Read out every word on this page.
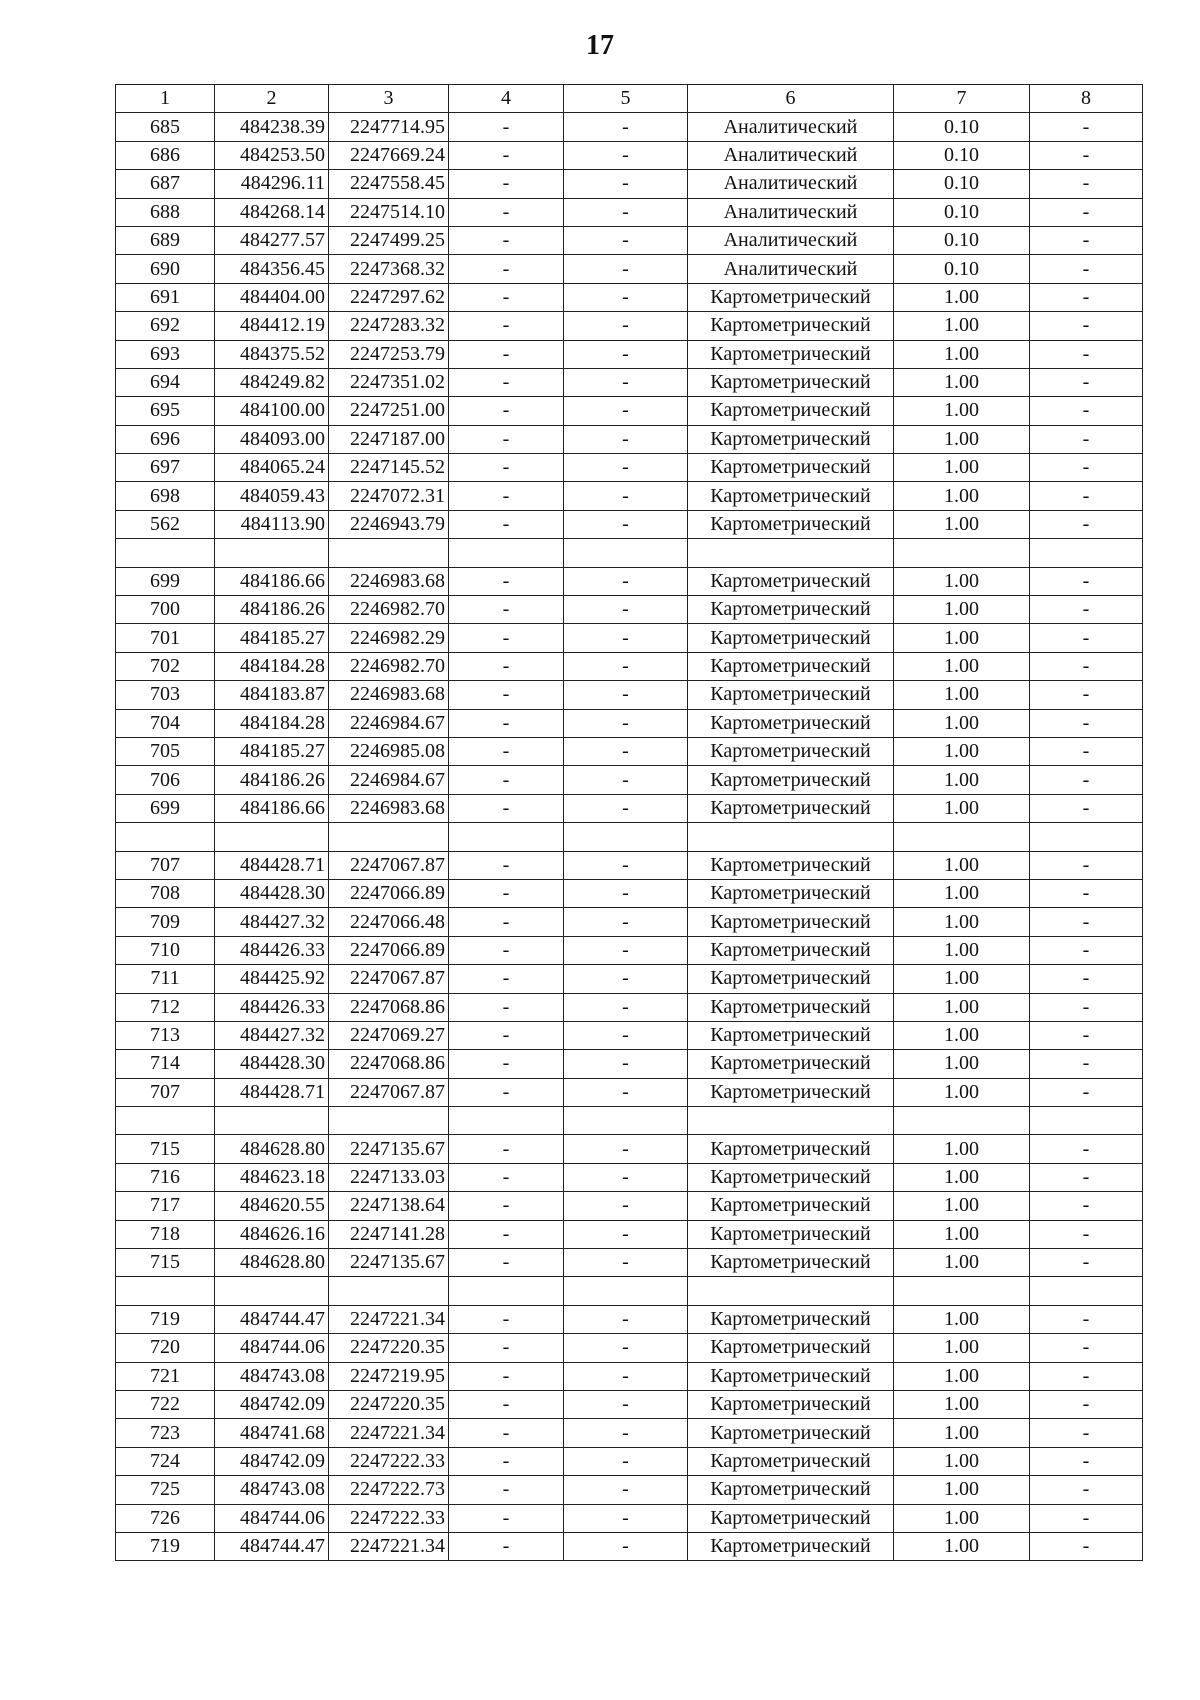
17
1	2	3	4	5	6	7	8
685	484238.39	2247714.95	-	-	Аналитический	0.10	-
686	484253.50	2247669.24	-	-	Аналитический	0.10	-
687	484296.11	2247558.45	-	-	Аналитический	0.10	-
688	484268.14	2247514.10	-	-	Аналитический	0.10	-
689	484277.57	2247499.25	-	-	Аналитический	0.10	-
690	484356.45	2247368.32	-	-	Аналитический	0.10	-
691	484404.00	2247297.62	-	-	Картометрический	1.00	-
692	484412.19	2247283.32	-	-	Картометрический	1.00	-
693	484375.52	2247253.79	-	-	Картометрический	1.00	-
694	484249.82	2247351.02	-	-	Картометрический	1.00	-
695	484100.00	2247251.00	-	-	Картометрический	1.00	-
696	484093.00	2247187.00	-	-	Картометрический	1.00	-
697	484065.24	2247145.52	-	-	Картометрический	1.00	-
698	484059.43	2247072.31	-	-	Картометрический	1.00	-
562	484113.90	2246943.79	-	-	Картометрический	1.00	-

699	484186.66	2246983.68	-	-	Картометрический	1.00	-
700	484186.26	2246982.70	-	-	Картометрический	1.00	-
701	484185.27	2246982.29	-	-	Картометрический	1.00	-
702	484184.28	2246982.70	-	-	Картометрический	1.00	-
703	484183.87	2246983.68	-	-	Картометрический	1.00	-
704	484184.28	2246984.67	-	-	Картометрический	1.00	-
705	484185.27	2246985.08	-	-	Картометрический	1.00	-
706	484186.26	2246984.67	-	-	Картометрический	1.00	-
699	484186.66	2246983.68	-	-	Картометрический	1.00	-

707	484428.71	2247067.87	-	-	Картометрический	1.00	-
708	484428.30	2247066.89	-	-	Картометрический	1.00	-
709	484427.32	2247066.48	-	-	Картометрический	1.00	-
710	484426.33	2247066.89	-	-	Картометрический	1.00	-
711	484425.92	2247067.87	-	-	Картометрический	1.00	-
712	484426.33	2247068.86	-	-	Картометрический	1.00	-
713	484427.32	2247069.27	-	-	Картометрический	1.00	-
714	484428.30	2247068.86	-	-	Картометрический	1.00	-
707	484428.71	2247067.87	-	-	Картометрический	1.00	-

715	484628.80	2247135.67	-	-	Картометрический	1.00	-
716	484623.18	2247133.03	-	-	Картометрический	1.00	-
717	484620.55	2247138.64	-	-	Картометрический	1.00	-
718	484626.16	2247141.28	-	-	Картометрический	1.00	-
715	484628.80	2247135.67	-	-	Картометрический	1.00	-

719	484744.47	2247221.34	-	-	Картометрический	1.00	-
720	484744.06	2247220.35	-	-	Картометрический	1.00	-
721	484743.08	2247219.95	-	-	Картометрический	1.00	-
722	484742.09	2247220.35	-	-	Картометрический	1.00	-
723	484741.68	2247221.34	-	-	Картометрический	1.00	-
724	484742.09	2247222.33	-	-	Картометрический	1.00	-
725	484743.08	2247222.73	-	-	Картометрический	1.00	-
726	484744.06	2247222.33	-	-	Картометрический	1.00	-
719	484744.47	2247221.34	-	-	Картометрический	1.00	-
